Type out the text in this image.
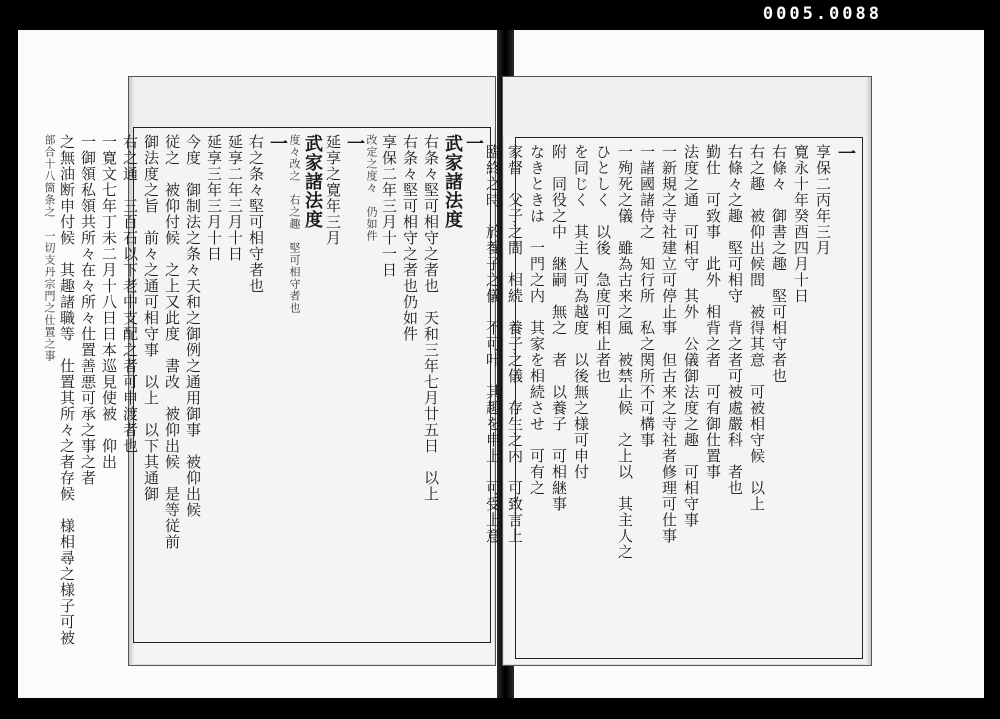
0005.0088
一
武家諸法度
右条々堅可相守之者也　天和三年七月廿五日　以上
右条々堅可相守之者也仍如件
享保二年三月十一日
改定之度々　仍如件
一
延享之寛年三月
武家諸法度
度々改之　右之趣　堅可相守者也
一
右之条々堅可相守者也
延享二年三月十日
延享三年三月十日
今度　御制法之条々天和之御例之通用御事　被仰出候
従之　被仰付候　之上又此度　書改　被仰出候　是等従前
御法度之旨　前々之通可相守事　以上　以下其通御
右之通　三百石以下老中支配之者可申渡者也
一寛文七年丁未二月十八日日本巡見使被　仰出
一御領私領共所々在々所々仕置善悪可承之事之者
之無油断申付候　其趣諸職等　仕置其所々之者存候　様相尋之様子可被
部合十八箇条之　一切支丹宗門之仕置之事	一
享保二丙年三月
寛永十年癸酉四月十日
右條々　御書之趣　堅可相守者也
右之趣　被仰出候間　被得其意　可被相守候　以上
右條々之趣　堅可相守　背之者可被處嚴科　者也
勤仕　可致事　此外　相背之者　可有御仕置事
法度之通　可相守　其外　公儀御法度之趣　可相守事
一新規之寺社建立可停止事　但古来之寺社者修理可仕事
一諸國諸侍之　知行所　私之関所不可構事
一殉死之儀　雖為古来之風　被禁止候　之上以　其主人之
ひとしく　以後　急度可相止者也
を同じく　其主人可為越度　以後無之様可申付
附　同役之中　継嗣　無之　者　以養子　可相継事
なきときは　一門之内　其家を相続させ　可有之
家督　父子之間　相続　養子之儀　存生之内　可致言上
臨終之時　於養子之儀　不可叶　其趣を申上　可受上意
